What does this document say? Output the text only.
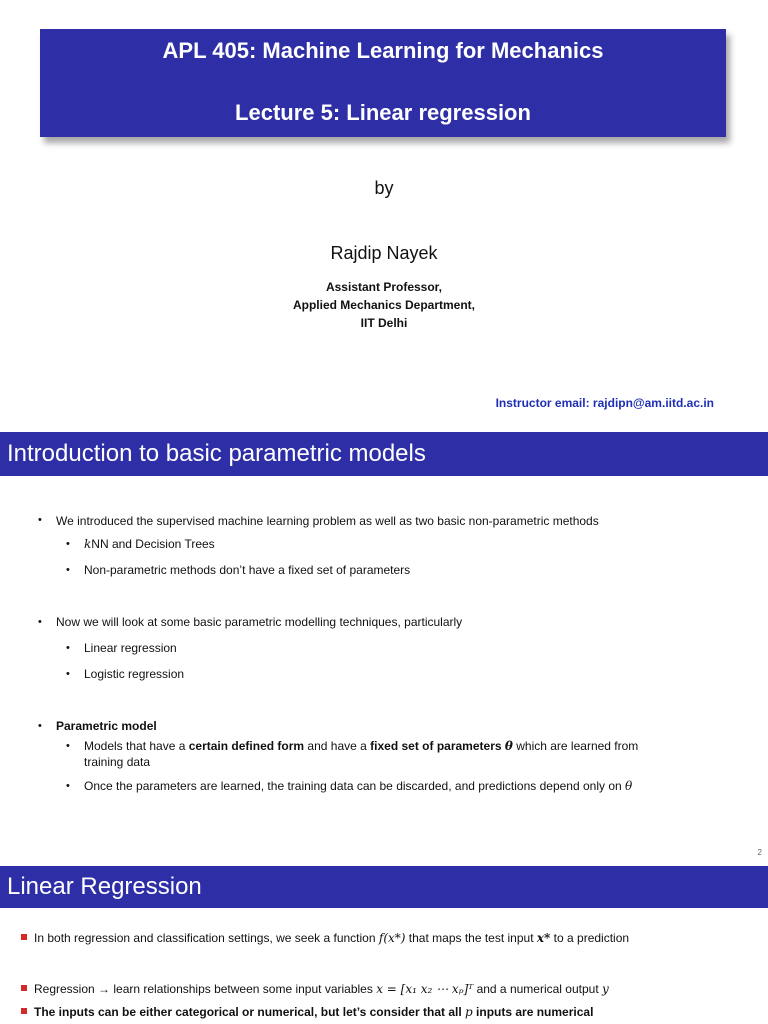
APL 405: Machine Learning for Mechanics
Lecture 5: Linear regression
by
Rajdip Nayek
Assistant Professor,
Applied Mechanics Department,
IIT Delhi
Instructor email: rajdipn@am.iitd.ac.in
Introduction to basic parametric models
• We introduced the supervised machine learning problem as well as two basic non-parametric methods
• kNN and Decision Trees
• Non-parametric methods don’t have a fixed set of parameters
• Now we will look at some basic parametric modelling techniques, particularly
• Linear regression
• Logistic regression
• Parametric model
• Models that have a certain defined form and have a fixed set of parameters θ which are learned from
training data
• Once the parameters are learned, the training data can be discarded, and predictions depend only on θ
2
Linear Regression
In both regression and classification settings, we seek a function f(x*) that maps the test input x* to a prediction
Regression → learn relationships between some input variables x = [x₁ x₂ ⋯ xₚ]ᵀ and a numerical output y
The inputs can be either categorical or numerical, but let’s consider that all p inputs are numerical
